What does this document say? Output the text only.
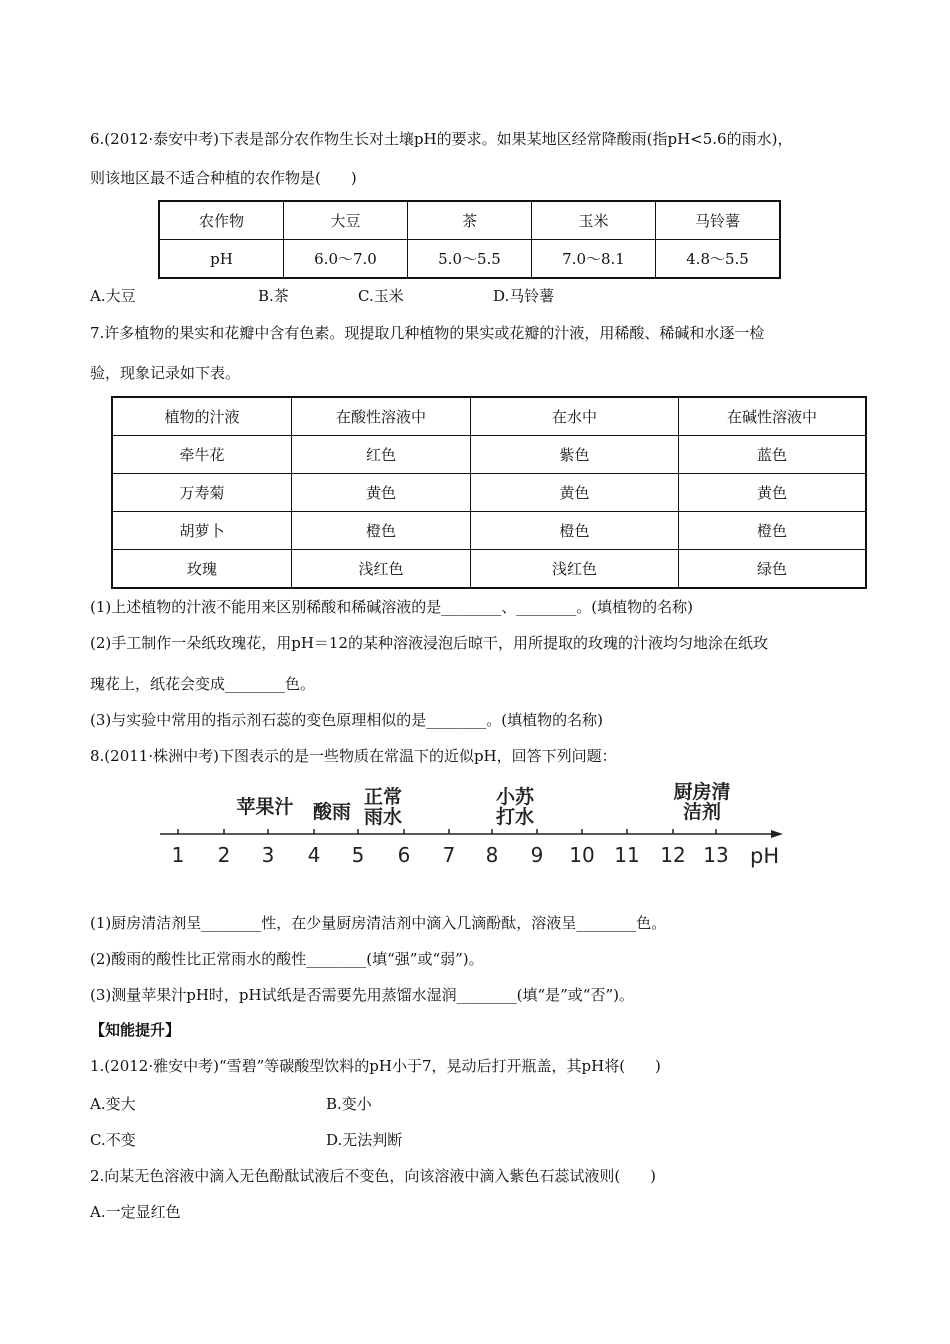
6.(2012·泰安中考)下表是部分农作物生长对土壤pH的要求。如果某地区经常降酸雨(指pH<5.6的雨水)，
则该地区最不适合种植的农作物是(　　)
农作物	大豆	茶	玉米	马铃薯
pH	6.0～7.0	5.0～5.5	7.0～8.1	4.8～5.5
A.大豆	B.茶	C.玉米	D.马铃薯
7.许多植物的果实和花瓣中含有色素。现提取几种植物的果实或花瓣的汁液，用稀酸、稀碱和水逐一检
验，现象记录如下表。
植物的汁液	在酸性溶液中	在水中	在碱性溶液中
牵牛花	红色	紫色	蓝色
万寿菊	黄色	黄色	黄色
胡萝卜	橙色	橙色	橙色
玫瑰	浅红色	浅红色	绿色
(1)上述植物的汁液不能用来区别稀酸和稀碱溶液的是________、________。(填植物的名称)
(2)手工制作一朵纸玫瑰花，用pH＝12的某种溶液浸泡后晾干，用所提取的玫瑰的汁液均匀地涂在纸玫
瑰花上，纸花会变成________色。
(3)与实验中常用的指示剂石蕊的变色原理相似的是________。(填植物的名称)
8.(2011·株洲中考)下图表示的是一些物质在常温下的近似pH，回答下列问题：
1 2 3 4 5 6 7 8 9 10 11 12 13
苹果汁 酸雨
正常
雨水
小苏
打水
厨房清
洁剂
pH
(1)厨房清洁剂呈________性，在少量厨房清洁剂中滴入几滴酚酞，溶液呈________色。
(2)酸雨的酸性比正常雨水的酸性________(填“强”或“弱”)。
(3)测量苹果汁pH时，pH试纸是否需要先用蒸馏水湿润________(填“是”或“否”)。
【知能提升】
1.(2012·雅安中考)“雪碧”等碳酸型饮料的pH小于7，晃动后打开瓶盖，其pH将(　　)
A.变大	B.变小
C.不变	D.无法判断
2.向某无色溶液中滴入无色酚酞试液后不变色，向该溶液中滴入紫色石蕊试液则(　　)
A.一定显红色
